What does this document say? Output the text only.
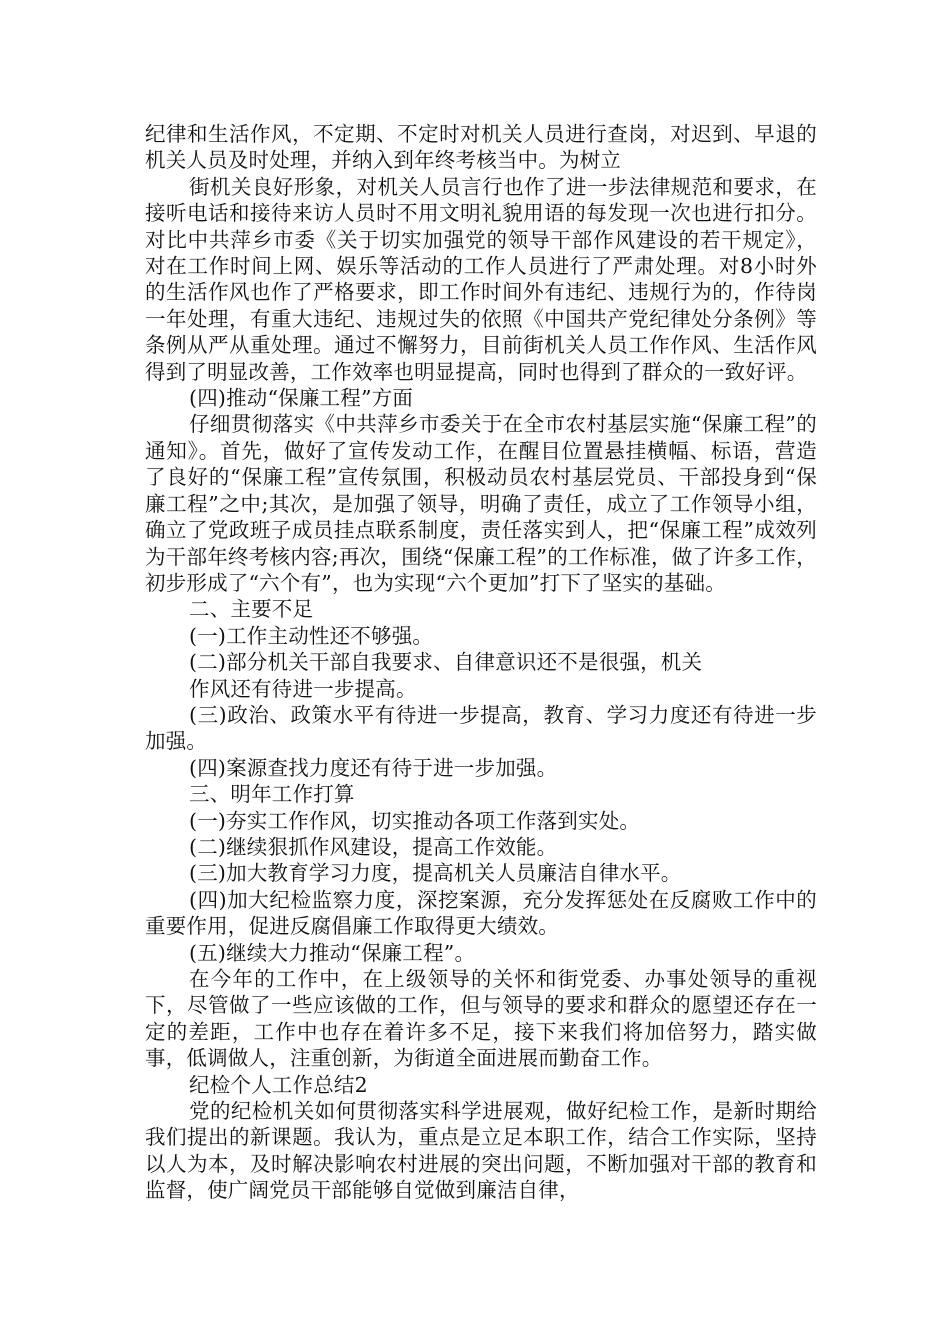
纪律和生活作风，不定期、不定时对机关人员进行查岗，对迟到、早退的机关人员及时处理，并纳入到年终考核当中。为树立

街机关良好形象，对机关人员言行也作了进一步法律规范和要求，在接听电话和接待来访人员时不用文明礼貌用语的每发现一次也进行扣分。对比中共萍乡市委《关于切实加强党的领导干部作风建设的若干规定》，对在工作时间上网、娱乐等活动的工作人员进行了严肃处理。对8小时外的生活作风也作了严格要求，即工作时间外有违纪、违规行为的，作待岗一年处理，有重大违纪、违规过失的依照《中国共产党纪律处分条例》等条例从严从重处理。通过不懈努力，目前街机关人员工作作风、生活作风得到了明显改善，工作效率也明显提高，同时也得到了群众的一致好评。

(四)推动“保廉工程”方面

仔细贯彻落实《中共萍乡市委关于在全市农村基层实施“保廉工程”的通知》。首先，做好了宣传发动工作，在醒目位置悬挂横幅、标语，营造了良好的“保廉工程”宣传氛围，积极动员农村基层党员、干部投身到“保廉工程”之中;其次，是加强了领导，明确了责任，成立了工作领导小组，确立了党政班子成员挂点联系制度，责任落实到人，把“保廉工程”成效列为干部年终考核内容;再次，围绕“保廉工程”的工作标准，做了许多工作，初步形成了“六个有”，也为实现“六个更加”打下了坚实的基础。

二、主要不足

(一)工作主动性还不够强。

(二)部分机关干部自我要求、自律意识还不是很强，机关

作风还有待进一步提高。

(三)政治、政策水平有待进一步提高，教育、学习力度还有待进一步加强。

(四)案源查找力度还有待于进一步加强。

三、明年工作打算

(一)夯实工作作风，切实推动各项工作落到实处。

(二)继续狠抓作风建设，提高工作效能。

(三)加大教育学习力度，提高机关人员廉洁自律水平。

(四)加大纪检监察力度，深挖案源，充分发挥惩处在反腐败工作中的重要作用，促进反腐倡廉工作取得更大绩效。

(五)继续大力推动“保廉工程”。

在今年的工作中，在上级领导的关怀和街党委、办事处领导的重视下，尽管做了一些应该做的工作，但与领导的要求和群众的愿望还存在一定的差距，工作中也存在着许多不足，接下来我们将加倍努力，踏实做事，低调做人，注重创新，为街道全面进展而勤奋工作。

纪检个人工作总结2

党的纪检机关如何贯彻落实科学进展观，做好纪检工作，是新时期给我们提出的新课题。我认为，重点是立足本职工作，结合工作实际，坚持以人为本，及时解决影响农村进展的突出问题，不断加强对干部的教育和监督，使广阔党员干部能够自觉做到廉洁自律，
